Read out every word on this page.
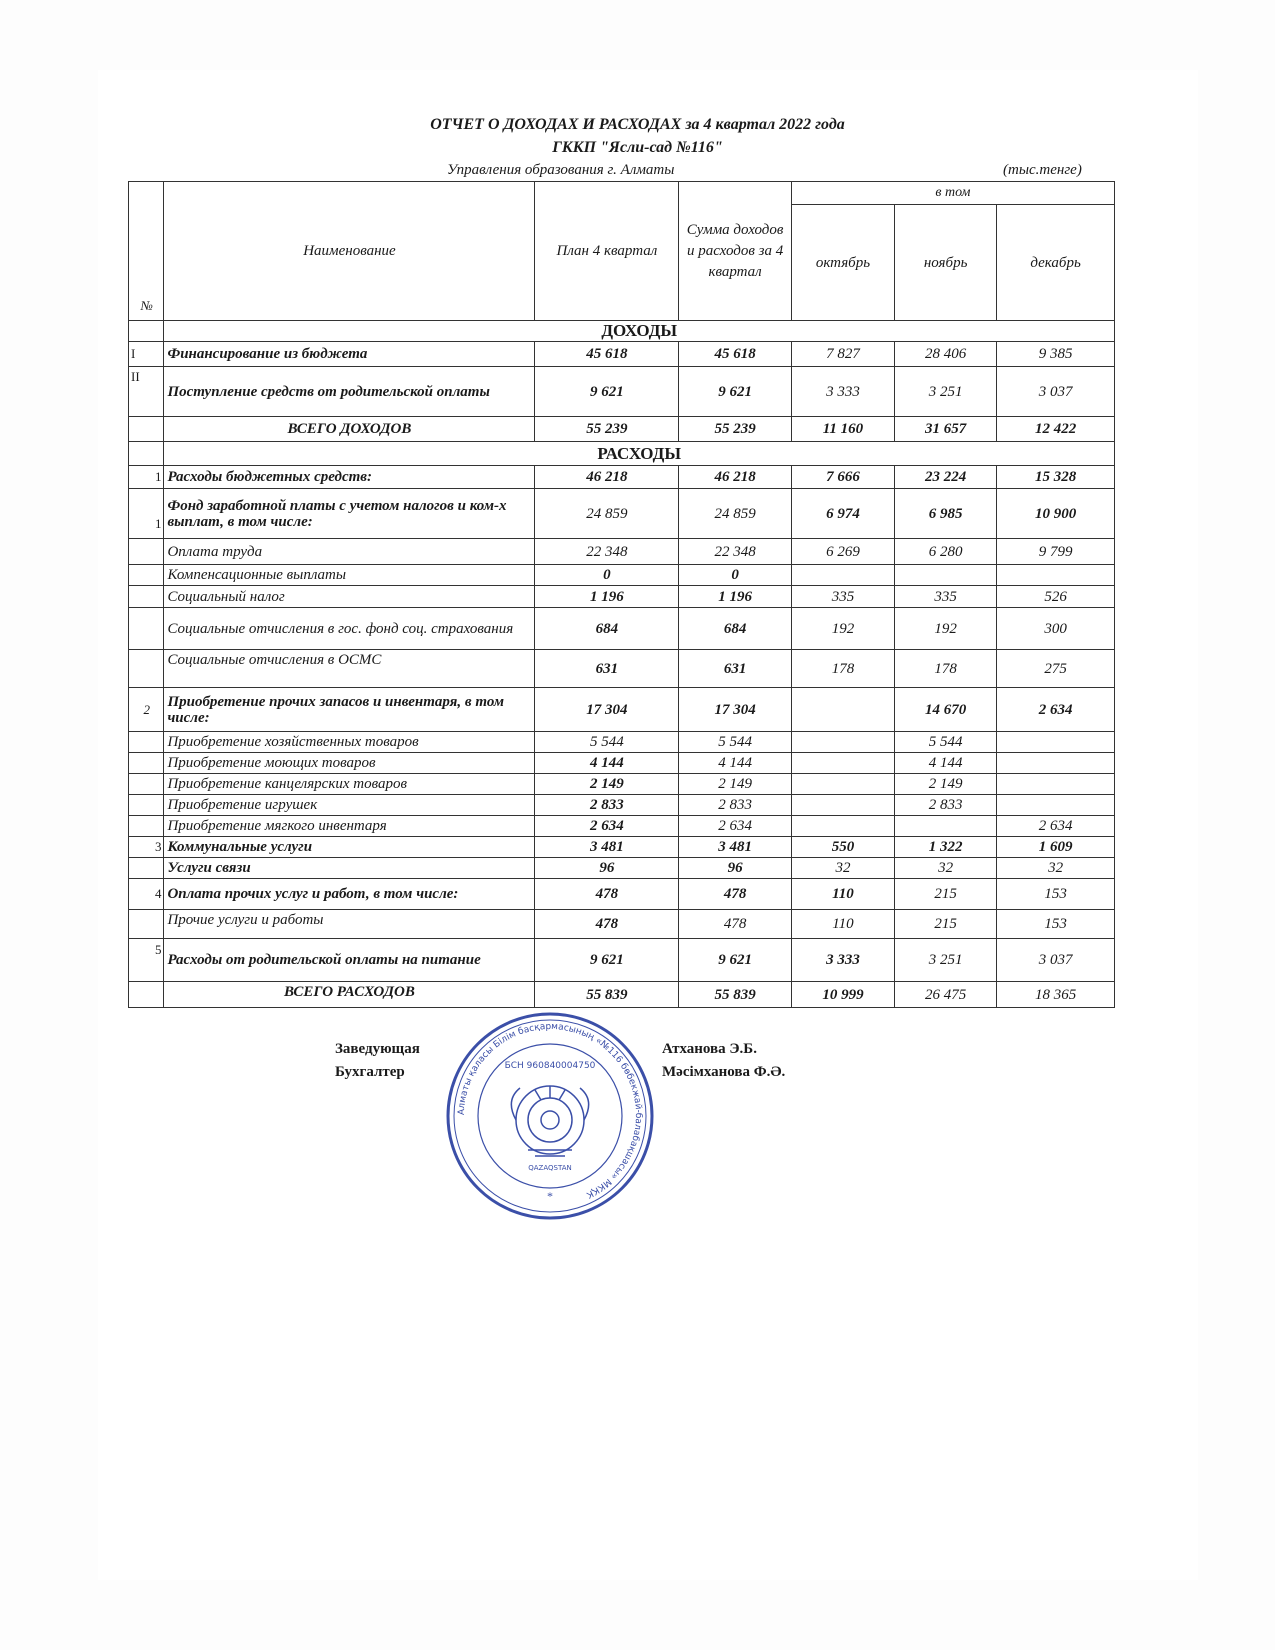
ОТЧЕТ О ДОХОДАХ И РАСХОДАХ за 4 квартал 2022 года
ГККП "Ясли-сад №116"
Управления образования г. Алматы	(тыс.тенге)
№	Наименование	План 4 квартал	Сумма доходов и расходов за 4 квартал	в том		
				октябрь	ноябрь	декабрь
	ДОХОДЫ					
I	Финансирование из бюджета	45 618	45 618	7 827	28 406	9 385
II	Поступление средств от родительской оплаты	9 621	9 621	3 333	3 251	3 037
	ВСЕГО ДОХОДОВ	55 239	55 239	11 160	31 657	12 422
	РАСХОДЫ					
1	Расходы бюджетных средств:	46 218	46 218	7 666	23 224	15 328
1	Фонд заработной платы с учетом налогов и ком-х выплат, в том числе:	24 859	24 859	6 974	6 985	10 900
	Оплата труда	22 348	22 348	6 269	6 280	9 799
	Компенсационные выплаты	0	0			
	Социальный налог	1 196	1 196	335	335	526
	Социальные отчисления в гос. фонд соц. страхования	684	684	192	192	300
	Социальные отчисления в ОСМС	631	631	178	178	275
2	Приобретение прочих запасов и инвентаря, в том числе:	17 304	17 304		14 670	2 634
	Приобретение хозяйственных товаров	5 544	5 544		5 544	
	Приобретение моющих товаров	4 144	4 144		4 144	
	Приобретение канцелярских товаров	2 149	2 149		2 149	
	Приобретение игрушек	2 833	2 833		2 833	
	Приобретение мягкого инвентаря	2 634	2 634			2 634
3	Коммунальные услуги	3 481	3 481	550	1 322	1 609
	Услуги связи	96	96	32	32	32
4	Оплата прочих услуг и работ, в том числе:	478	478	110	215	153
	Прочие услуги и работы	478	478	110	215	153
5	Расходы от родительской оплаты на питание	9 621	9 621	3 333	3 251	3 037
	ВСЕГО РАСХОДОВ	55 839	55 839	10 999	26 475	18 365
Заведующая	Атханова Э.Б.
Бухгалтер	Мәсімханова Ф.Ә.
Алматы қаласы Білім басқармасының «№116 бөбекжай-балабақшасы» МКҚК
БСН 960840004750
QAZAQSTAN
*
